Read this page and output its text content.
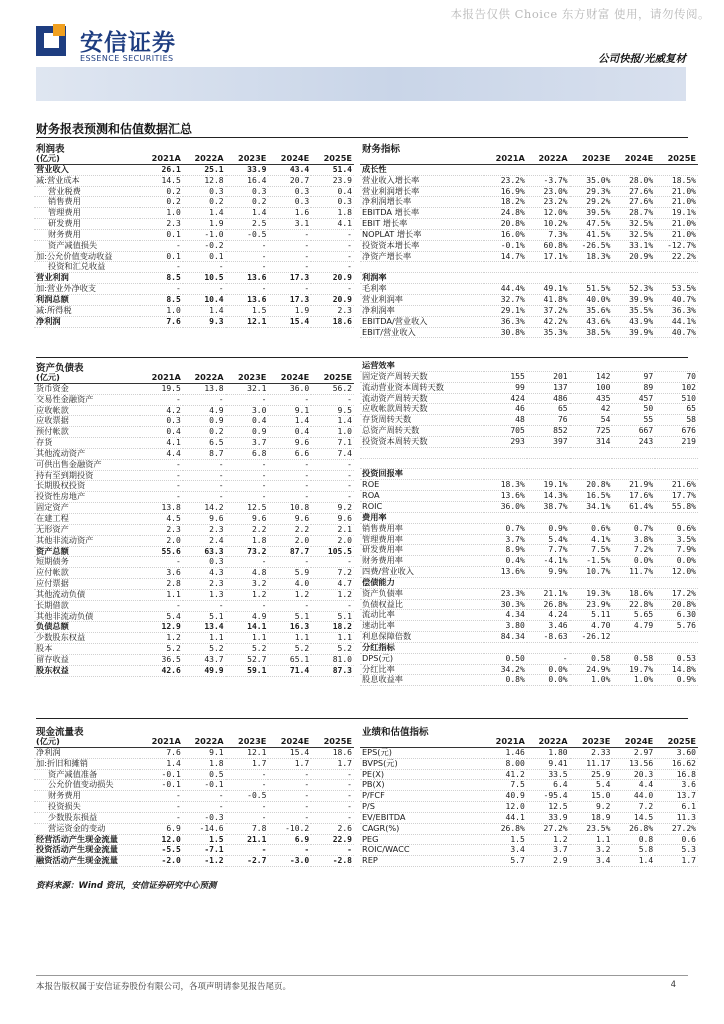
本报告仅供 Choice 东方财富 使用，请勿传阅。
安信证券
ESSENCE SECURITIES	公司快报/光威复材
财务报表预测和估值数据汇总
利润表	财务指标
(亿元)	2021A	2022A	2023E	2024E	2025E
营业收入	26.1	25.1	33.9	43.4	51.4
减:营业成本	14.5	12.8	16.4	20.7	23.9
营业税费	0.2	0.3	0.3	0.3	0.4
销售费用	0.2	0.2	0.2	0.3	0.3
管理费用	1.0	1.4	1.4	1.6	1.8
研发费用	2.3	1.9	2.5	3.1	4.1
财务费用	0.1	-1.0	-0.5	-	-
资产减值损失	-	-0.2	-	-	-
加:公允价值变动收益	0.1	0.1	-	-	-
投资和汇兑收益	-	-	-	-	-
营业利润	8.5	10.5	13.6	17.3	20.9
加:营业外净收支	-	-	-	-	-
利润总额	8.5	10.4	13.6	17.3	20.9
减:所得税	1.0	1.4	1.5	1.9	2.3
净利润	7.6	9.3	12.1	15.4	18.6
	2021A	2022A	2023E	2024E	2025E
成长性					
营业收入增长率	23.2%	-3.7%	35.0%	28.0%	18.5%
营业利润增长率	16.9%	23.0%	29.3%	27.6%	21.0%
净利润增长率	18.2%	23.2%	29.2%	27.6%	21.0%
EBITDA 增长率	24.8%	12.0%	39.5%	28.7%	19.1%
EBIT 增长率	20.8%	10.2%	47.5%	32.5%	21.0%
NOPLAT 增长率	16.0%	7.3%	41.5%	32.5%	21.0%
投资资本增长率	-0.1%	60.8%	-26.5%	33.1%	-12.7%
净资产增长率	14.7%	17.1%	18.3%	20.9%	22.2%

利润率					
毛利率	44.4%	49.1%	51.5%	52.3%	53.5%
营业利润率	32.7%	41.8%	40.0%	39.9%	40.7%
净利润率	29.1%	37.2%	35.6%	35.5%	36.3%
EBITDA/营业收入	36.3%	42.2%	43.6%	43.9%	44.1%
EBIT/营业收入	30.8%	35.3%	38.5%	39.9%	40.7%
资产负债表
(亿元)	2021A	2022A	2023E	2024E	2025E
货币资金	19.5	13.8	32.1	36.0	56.2
交易性金融资产	-	-	-	-	-
应收帐款	4.2	4.9	3.0	9.1	9.5
应收票据	0.3	0.9	0.4	1.4	1.4
预付帐款	0.4	0.2	0.9	0.4	1.0
存货	4.1	6.5	3.7	9.6	7.1
其他流动资产	4.4	8.7	6.8	6.6	7.4
可供出售金融资产	-	-	-	-	-
持有至到期投资	-	-	-	-	-
长期股权投资	-	-	-	-	-
投资性房地产	-	-	-	-	-
固定资产	13.8	14.2	12.5	10.8	9.2
在建工程	4.5	9.6	9.6	9.6	9.6
无形资产	2.3	2.3	2.2	2.2	2.1
其他非流动资产	2.0	2.4	1.8	2.0	2.0
资产总额	55.6	63.3	73.2	87.7	105.5
短期债务	-	0.3	-	-	-
应付帐款	3.6	4.3	4.8	5.9	7.2
应付票据	2.8	2.3	3.2	4.0	4.7
其他流动负债	1.1	1.3	1.2	1.2	1.2
长期借款	-	-	-	-	-
其他非流动负债	5.4	5.1	4.9	5.1	5.1
负债总额	12.9	13.4	14.1	16.3	18.2
少数股东权益	1.2	1.1	1.1	1.1	1.1
股本	5.2	5.2	5.2	5.2	5.2
留存收益	36.5	43.7	52.7	65.1	81.0
股东权益	42.6	49.9	59.1	71.4	87.3
运营效率					
固定资产周转天数	155	201	142	97	70
流动营业资本周转天数	99	137	100	89	102
流动资产周转天数	424	486	435	457	510
应收帐款周转天数	46	65	42	50	65
存货周转天数	48	76	54	55	58
总资产周转天数	705	852	725	667	676
投资资本周转天数	293	397	314	243	219

投资回报率					
ROE	18.3%	19.1%	20.8%	21.9%	21.6%
ROA	13.6%	14.3%	16.5%	17.6%	17.7%
ROIC	36.0%	38.7%	34.1%	61.4%	55.8%
费用率					
销售费用率	0.7%	0.9%	0.6%	0.7%	0.6%
管理费用率	3.7%	5.4%	4.1%	3.8%	3.5%
研发费用率	8.9%	7.7%	7.5%	7.2%	7.9%
财务费用率	0.4%	-4.1%	-1.5%	0.0%	0.0%
四费/营业收入	13.6%	9.9%	10.7%	11.7%	12.0%
偿债能力					
资产负债率	23.3%	21.1%	19.3%	18.6%	17.2%
负债权益比	30.3%	26.8%	23.9%	22.8%	20.8%
流动比率	4.34	4.24	5.11	5.65	6.30
速动比率	3.80	3.46	4.70	4.79	5.76
利息保障倍数	84.34	-8.63	-26.12		
分红指标					
DPS(元)	0.50	-	0.58	0.58	0.53
分红比率	34.2%	0.0%	24.9%	19.7%	14.8%
股息收益率	0.8%	0.0%	1.0%	1.0%	0.9%
现金流量表	业绩和估值指标
(亿元)	2021A	2022A	2023E	2024E	2025E
净利润	7.6	9.1	12.1	15.4	18.6
加:折旧和摊销	1.4	1.8	1.7	1.7	1.7
资产减值准备	-0.1	0.5	-	-	-
公允价值变动损失	-0.1	-0.1	-	-	-
财务费用	-	-	-0.5	-	-
投资损失	-	-	-	-	-
少数股东损益	-	-0.3	-	-	-
营运资金的变动	6.9	-14.6	7.8	-10.2	2.6
经营活动产生现金流量	12.0	1.5	21.1	6.9	22.9
投资活动产生现金流量	-5.5	-7.1	-	-	-
融资活动产生现金流量	-2.0	-1.2	-2.7	-3.0	-2.8
	2021A	2022A	2023E	2024E	2025E
EPS(元)	1.46	1.80	2.33	2.97	3.60
BVPS(元)	8.00	9.41	11.17	13.56	16.62
PE(X)	41.2	33.5	25.9	20.3	16.8
PB(X)	7.5	6.4	5.4	4.4	3.6
P/FCF	40.9	-95.4	15.0	44.0	13.7
P/S	12.0	12.5	9.2	7.2	6.1
EV/EBITDA	44.1	33.9	18.9	14.5	11.3
CAGR(%)	26.8%	27.2%	23.5%	26.8%	27.2%
PEG	1.5	1.2	1.1	0.8	0.6
ROIC/WACC	3.4	3.7	3.2	5.8	5.3
REP	5.7	2.9	3.4	1.4	1.7
资料来源：Wind 资讯，安信证券研究中心预测
本报告版权属于安信证券股份有限公司，各项声明请参见报告尾页。	4
